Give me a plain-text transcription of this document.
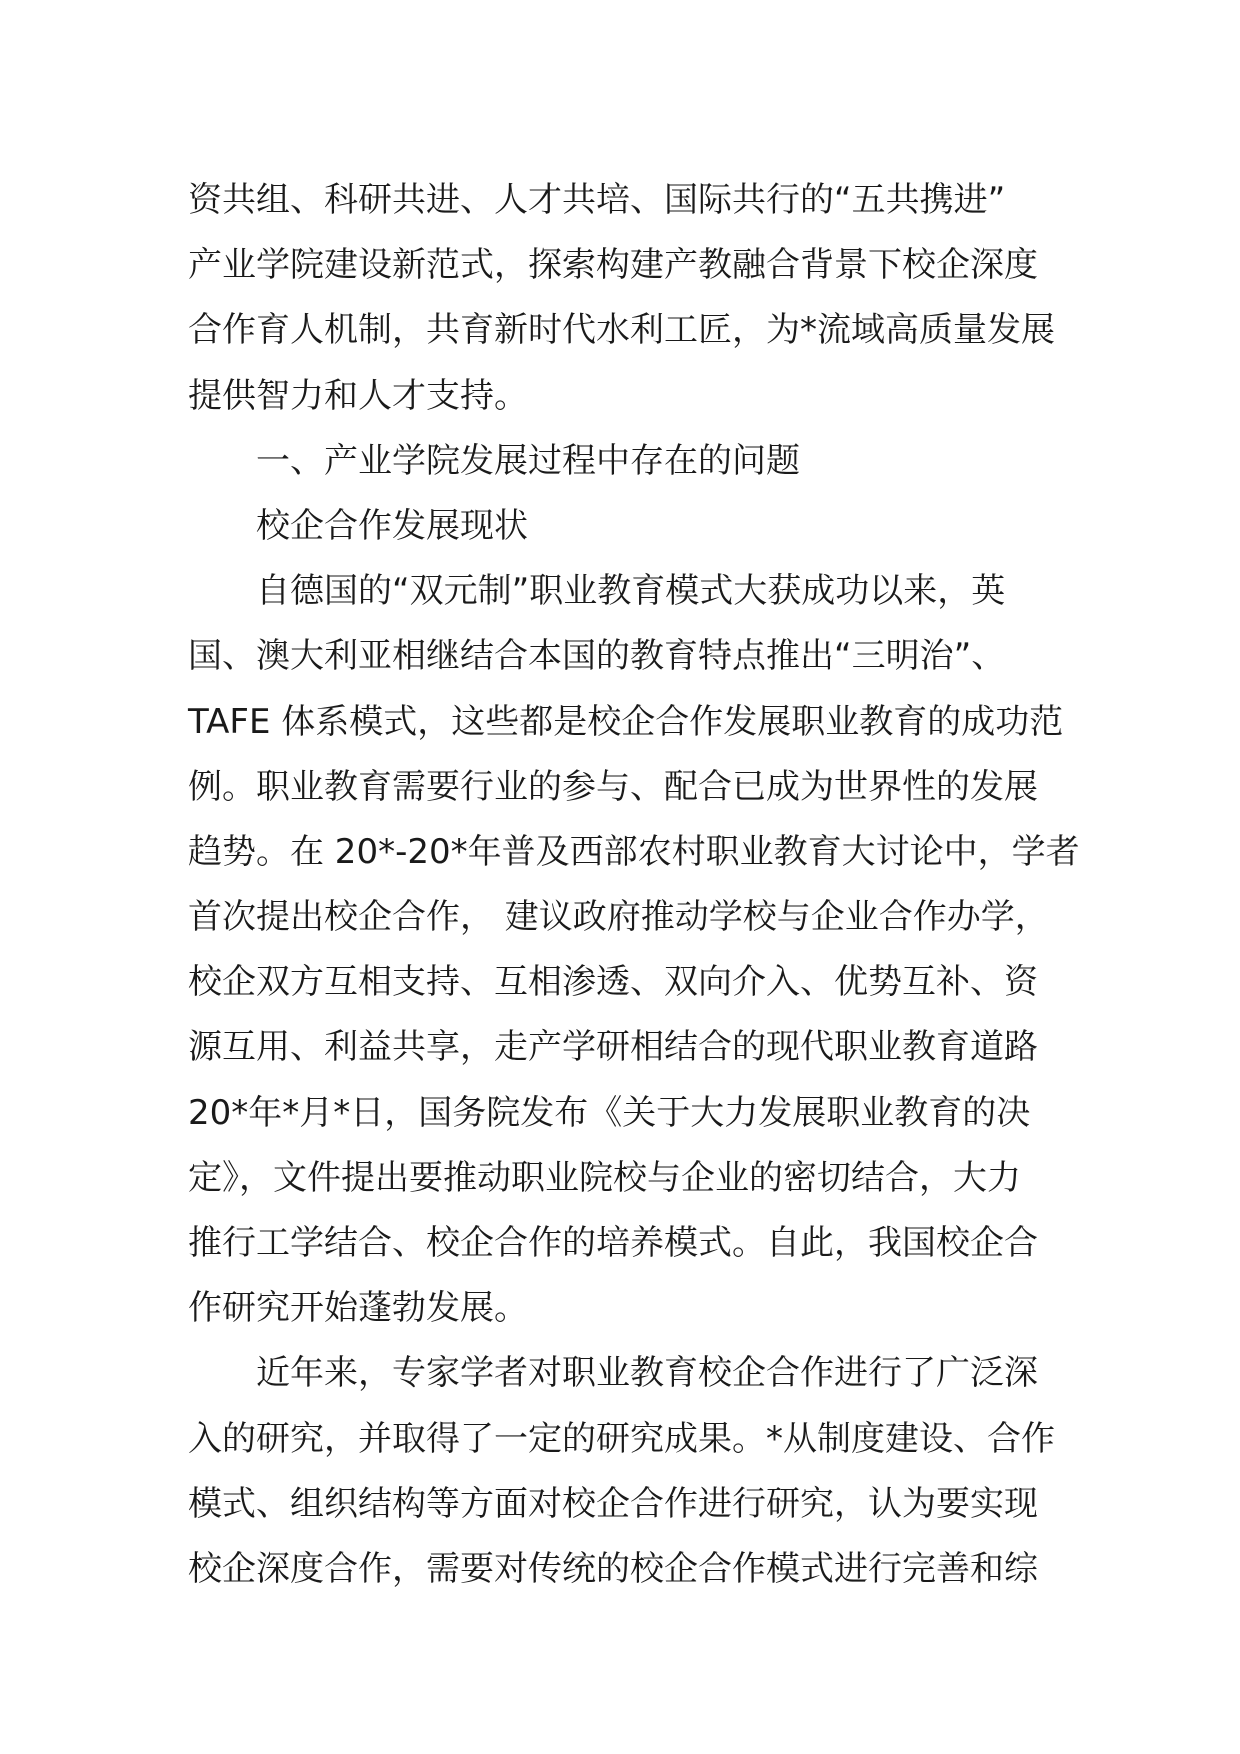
资共组、科研共进、人才共培、国际共行的“五共携进”
产业学院建设新范式，探索构建产教融合背景下校企深度
合作育人机制，共育新时代水利工匠，为*流域高质量发展
提供智力和人才支持。
一、产业学院发展过程中存在的问题
校企合作发展现状
自德国的“双元制”职业教育模式大获成功以来，英
国、澳大利亚相继结合本国的教育特点推出“三明治”、
TAFE 体系模式，这些都是校企合作发展职业教育的成功范
例。职业教育需要行业的参与、配合已成为世界性的发展
趋势。在 20*-20*年普及西部农村职业教育大讨论中，学者
首次提出校企合作， 建议政府推动学校与企业合作办学，
校企双方互相支持、互相渗透、双向介入、优势互补、资
源互用、利益共享，走产学研相结合的现代职业教育道路
20*年*月*日，国务院发布《关于大力发展职业教育的决
定》，文件提出要推动职业院校与企业的密切结合，大力
推行工学结合、校企合作的培养模式。自此，我国校企合
作研究开始蓬勃发展。
近年来，专家学者对职业教育校企合作进行了广泛深
入的研究，并取得了一定的研究成果。*从制度建设、合作
模式、组织结构等方面对校企合作进行研究，认为要实现
校企深度合作，需要对传统的校企合作模式进行完善和综
